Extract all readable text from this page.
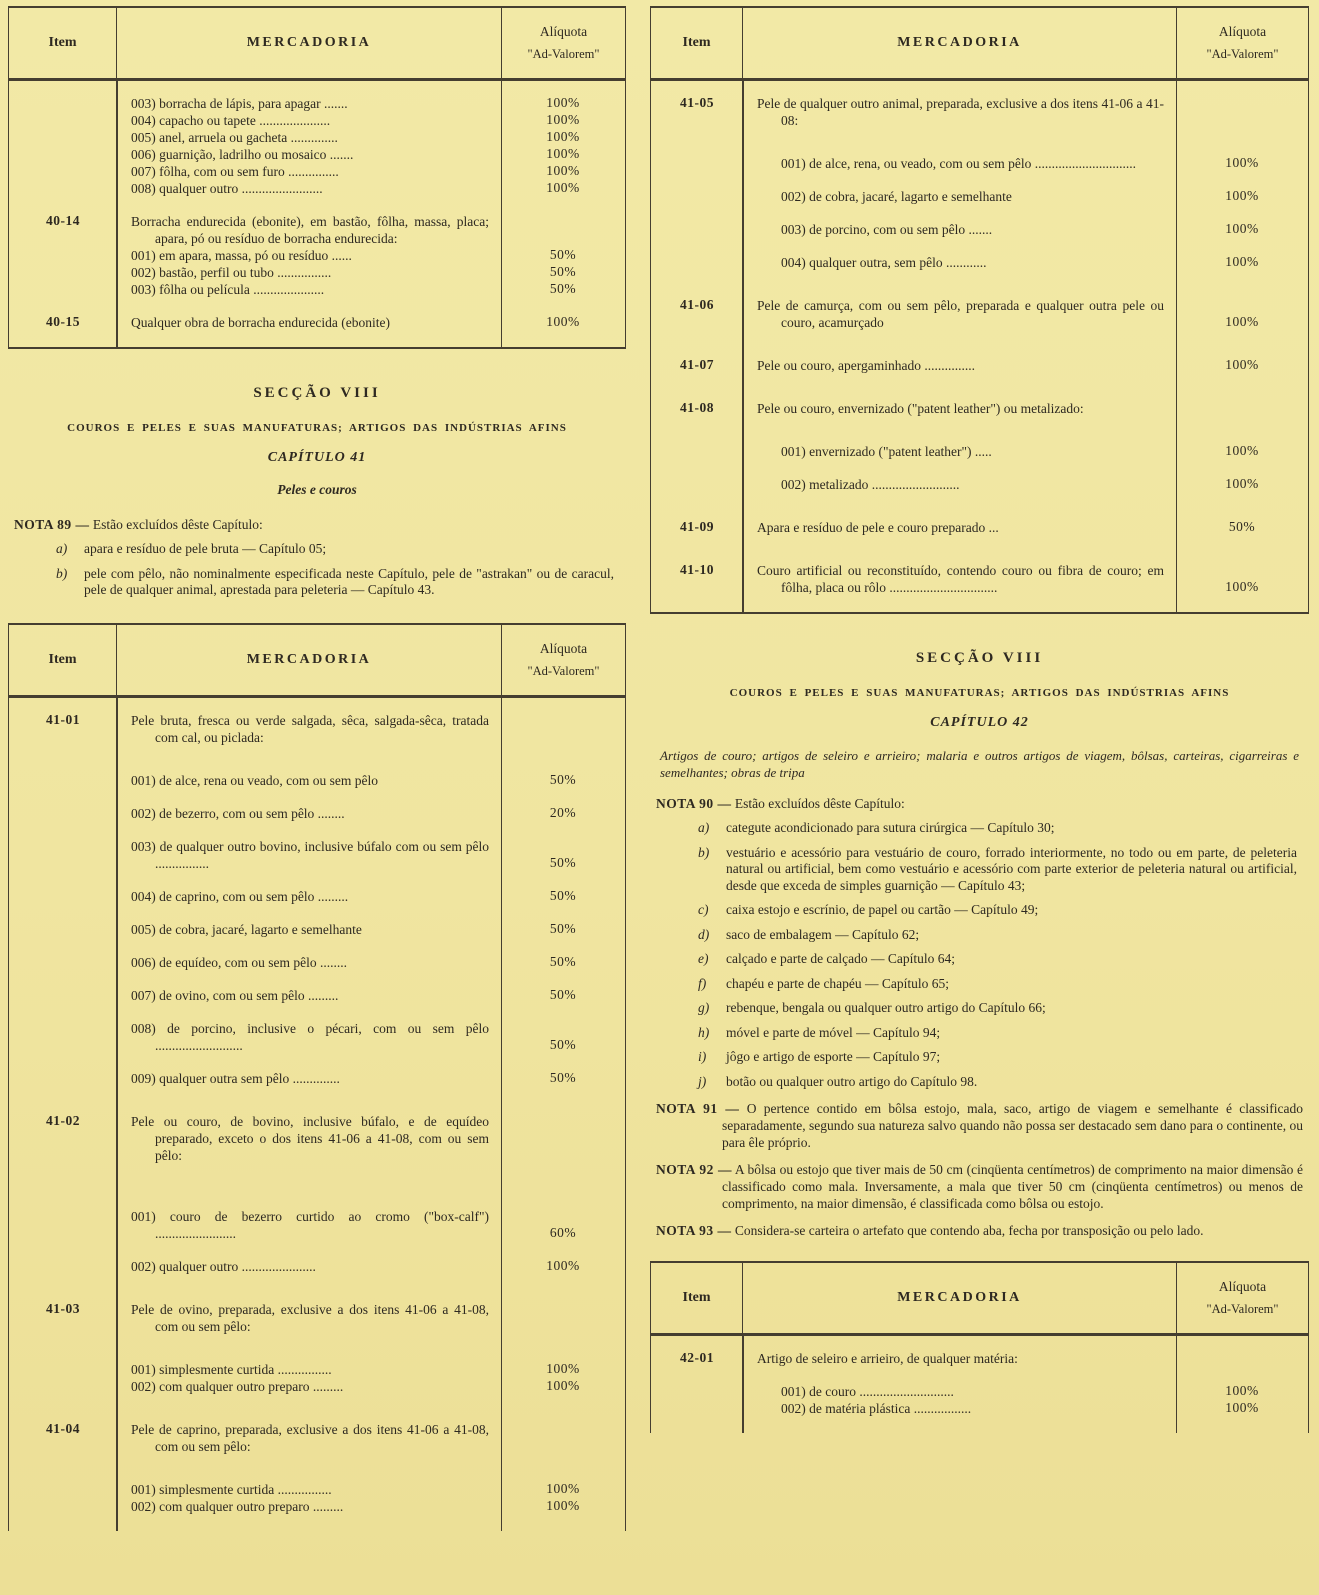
Item	MERCADORIA
Alíquota
"Ad-Valorem"
003) borracha de lápis, para apagar .......	100%
004) capacho ou tapete .....................	100%
005) anel, arruela ou gacheta ..............	100%
006) guarnição, ladrilho ou mosaico .......	100%
007) fôlha, com ou sem furo ...............	100%
008) qualquer outro ........................	100%
40-14	Borracha endurecida (ebonite), em bastão, fôlha, massa, placa; apara, pó ou resíduo de borracha endurecida:
001) em apara, massa, pó ou resíduo ......	50%
002) bastão, perfil ou tubo ................	50%
003) fôlha ou película .....................	50%
40-15	Qualquer obra de borracha endurecida (ebonite)	100%
SECÇÃO VIII
COUROS E PELES E SUAS MANUFATURAS; ARTIGOS DAS INDÚSTRIAS AFINS
CAPÍTULO 41
Peles e couros

NOTA 89 — Estão excluídos dêste Capítulo:

a)	apara e resíduo de pele bruta — Capítulo 05;
b)	pele com pêlo, não nominalmente especificada neste Capítulo, pele de "astrakan" ou de caracul, pele de qualquer animal, aprestada para peleteria — Capítulo 43.
Item	MERCADORIA
Alíquota
"Ad-Valorem"
41-01	Pele bruta, fresca ou verde salgada, sêca, salgada-sêca, tratada com cal, ou piclada:
001) de alce, rena ou veado, com ou sem pêlo	50%
002) de bezerro, com ou sem pêlo ........	20%
003) de qualquer outro bovino, inclusive búfalo com ou sem pêlo ................	50%
004) de caprino, com ou sem pêlo .........	50%
005) de cobra, jacaré, lagarto e semelhante	50%
006) de equídeo, com ou sem pêlo ........	50%
007) de ovino, com ou sem pêlo .........	50%
008) de porcino, inclusive o pécari, com ou sem pêlo ..........................	50%
009) qualquer outra sem pêlo ..............	50%
41-02	Pele ou couro, de bovino, inclusive búfalo, e de equídeo preparado, exceto o dos itens 41-06 a 41-08, com ou sem pêlo:
001) couro de bezerro curtido ao cromo ("box-calf") ........................	60%
002) qualquer outro ......................	100%
41-03	Pele de ovino, preparada, exclusive a dos itens 41-06 a 41-08, com ou sem pêlo:
001) simplesmente curtida ................	100%
002) com qualquer outro preparo .........	100%
41-04	Pele de caprino, preparada, exclusive a dos itens 41-06 a 41-08, com ou sem pêlo:
001) simplesmente curtida ................	100%
002) com qualquer outro preparo .........	100%
Item	MERCADORIA
Alíquota
"Ad-Valorem"
41-05	Pele de qualquer outro animal, preparada, exclusive a dos itens 41-06 a 41-08:
001) de alce, rena, ou veado, com ou sem pêlo ..............................	100%
002) de cobra, jacaré, lagarto e semelhante	100%
003) de porcino, com ou sem pêlo .......	100%
004) qualquer outra, sem pêlo ............	100%
41-06	Pele de camurça, com ou sem pêlo, preparada e qualquer outra pele ou couro, acamurçado	100%
41-07	Pele ou couro, apergaminhado ...............	100%
41-08	Pele ou couro, envernizado ("patent leather") ou metalizado:
001) envernizado ("patent leather") .....	100%
002) metalizado ..........................	100%
41-09	Apara e resíduo de pele e couro preparado ...	50%
41-10	Couro artificial ou reconstituído, contendo couro ou fibra de couro; em fôlha, placa ou rôlo ................................	100%
SECÇÃO VIII
COUROS E PELES E SUAS MANUFATURAS; ARTIGOS DAS INDÚSTRIAS AFINS
CAPÍTULO 42

Artigos de couro; artigos de seleiro e arrieiro; malaria e outros artigos de viagem, bôlsas, carteiras, cigarreiras e semelhantes; obras de tripa

NOTA 90 — Estão excluídos dêste Capítulo:

a)	categute acondicionado para sutura cirúrgica — Capítulo 30;
b)	vestuário e acessório para vestuário de couro, forrado interiormente, no todo ou em parte, de peleteria natural ou artificial, bem como vestuário e acessório com parte exterior de peleteria natural ou artificial, desde que exceda de simples guarnição — Capítulo 43;
c)	caixa estojo e escrínio, de papel ou cartão — Capítulo 49;
d)	saco de embalagem — Capítulo 62;
e)	calçado e parte de calçado — Capítulo 64;
f)	chapéu e parte de chapéu — Capítulo 65;
g)	rebenque, bengala ou qualquer outro artigo do Capítulo 66;
h)	móvel e parte de móvel — Capítulo 94;
i)	jôgo e artigo de esporte — Capítulo 97;
j)	botão ou qualquer outro artigo do Capítulo 98.

NOTA 91 — O pertence contido em bôlsa estojo, mala, saco, artigo de viagem e semelhante é classificado separadamente, segundo sua natureza salvo quando não possa ser destacado sem dano para o continente, ou para êle próprio.

NOTA 92 — A bôlsa ou estojo que tiver mais de 50 cm (cinqüenta centímetros) de comprimento na maior dimensão é classificado como mala. Inversamente, a mala que tiver 50 cm (cinqüenta centímetros) ou menos de comprimento, na maior dimensão, é classificada como bôlsa ou estojo.

NOTA 93 — Considera-se carteira o artefato que contendo aba, fecha por transposição ou pelo lado.

Item	MERCADORIA
Alíquota
"Ad-Valorem"
42-01	Artigo de seleiro e arrieiro, de qualquer matéria:
001) de couro ............................	100%
002) de matéria plástica .................	100%
